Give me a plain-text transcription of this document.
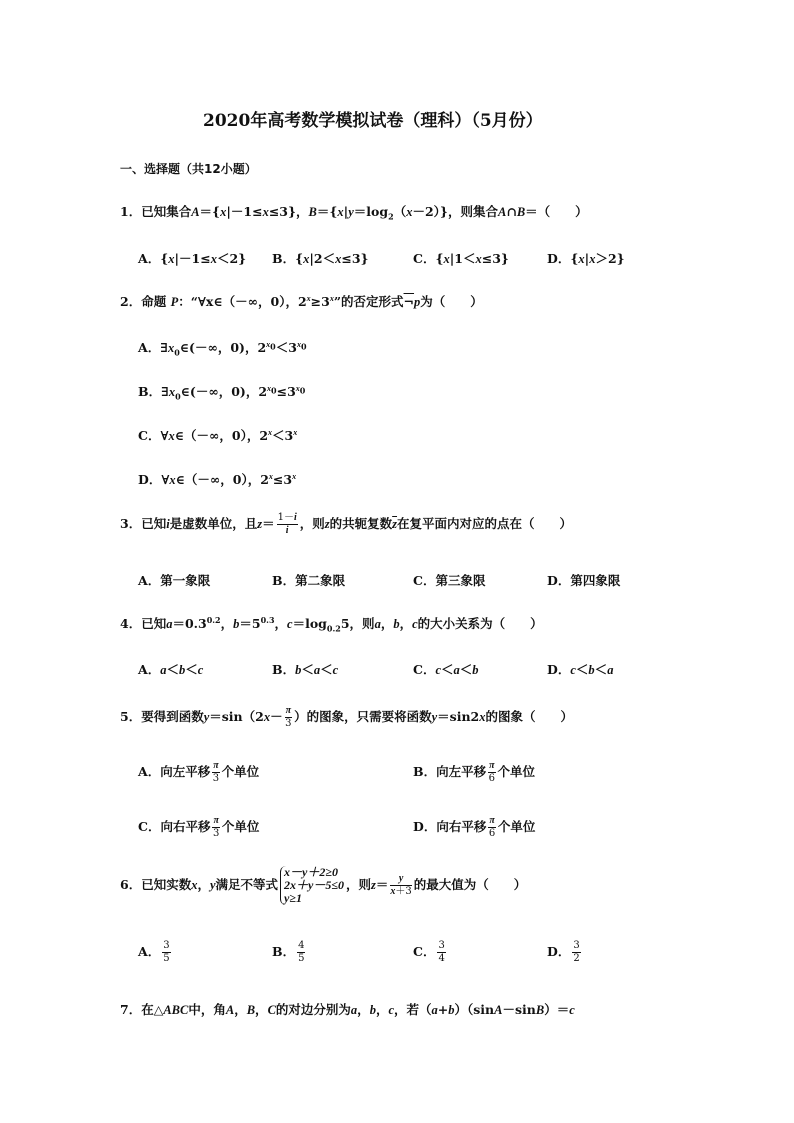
2020年高考数学模拟试卷（理科）（5月份）
一、选择题（共12小题）
1．已知集合A＝{x|－1≤x≤3}，$B=\{x|y=\log_2(x-2)\}$，则集合A∩B＝（　　）
A．{x|－1≤x＜2} B．{x|2＜x≤3}	C．{x|1＜x≤3}	D．{x|x＞2}
2．命题 P：“∀x∈（－∞，0），$2^x\ge 3^x$”的否定形式¬p为（　　）
A．$\exists x_0\in(-\infty$，0)，$2^{x_0}<3^{x_0}$
B．$\exists x_0\in(-\infty$，0)，$2^{x_0}\le 3^{x_0}$
C．∀x∈（－∞，0），$2^x<3^x$
D．∀x∈（－∞，0），$2^x\le 3^x$
3．已知i是虚数单位，且$z= \frac{1-i}{i}$ ，则z的共轭复数$\overline{z}$在复平面内对应的点在（　　）
A．第一象限	B．第二象限	C．第三象限	D．第四象限
4．已知$a=0.3^{0.2}$，$b=5^{0.3}$，$c=\log_{0.2}5$，则a，b，c的大小关系为（　　）
A．a＜b＜c	B．b＜a＜c	C．c＜a＜b	D．c＜b＜a
5．要得到函数$y=\sin(2x- \frac{\pi}{3}$ ）的图象，只需要将函数y＝sin2x的图象（　　）
A．向左平移 $\frac{\pi}{3}$ 个单位	B．向左平移 $\frac{\pi}{6}$ 个单位
C．向右平移 $\frac{\pi}{3}$ 个单位	D．向右平移 $\frac{\pi}{6}$ 个单位
6．已知实数x，y满足不等式
x－y＋2≥0
2x＋y－5≤0
y≥1
，则$z= \frac{y}{x+3}$ 的最大值为（　　）
A． $\frac{3}{5}$	B． $\frac{4}{5}$	C． $\frac{3}{4}$	D． $\frac{3}{2}$
7．在△ABC中，角A，B，C的对边分别为a，b，c，若（a+b）（sinA－sinB）＝c
